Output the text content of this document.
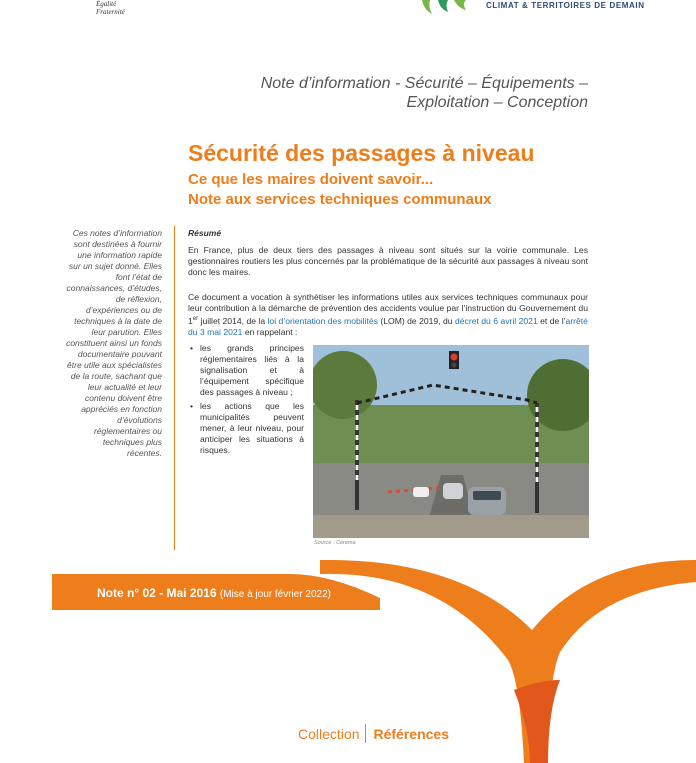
Égalité
Fraternité
CLIMAT & TERRITOIRES DE DEMAIN
Note d’information - Sécurité – Équipements –
Exploitation – Conception
Sécurité des passages à niveau
Ce que les maires doivent savoir...
Note aux services techniques communaux
Ces notes d’information sont destinées à fournir une information rapide sur un sujet donné. Elles font l’état de connaissances, d’études, de réflexion, d’expériences ou de techniques à la date de leur parution. Elles constituent ainsi un fonds documentaire pouvant être utile aux spécialistes de la route, sachant que leur actualité et leur contenu doivent être appréciés en fonction d’évolutions réglementaires ou techniques plus récentes.
Résumé

En France, plus de deux tiers des passages à niveau sont situés sur la voirie communale. Les gestionnaires routiers les plus concernés par la problématique de la sécurité aux passages à niveau sont donc les maires.

Ce document a vocation à synthétiser les informations utiles aux services techniques communaux pour leur contribution à la démarche de prévention des accidents voulue par l’instruction du Gouvernement du 1er juillet 2014, de la loi d’orientation des mobilités (LOM) de 2019, du décret du 6 avril 2021 et de l’arrêté du 3 mai 2021 en rappelant :

• les grands principes réglementaires liés à la signalisation et à l’équipement spécifique des passages à niveau ;
• les actions que les municipalités peuvent mener, à leur niveau, pour anticiper les situations à risques.
Source : Cerema
Note n° 02 - Mai 2016 (Mise à jour février 2022)
Collection Références
